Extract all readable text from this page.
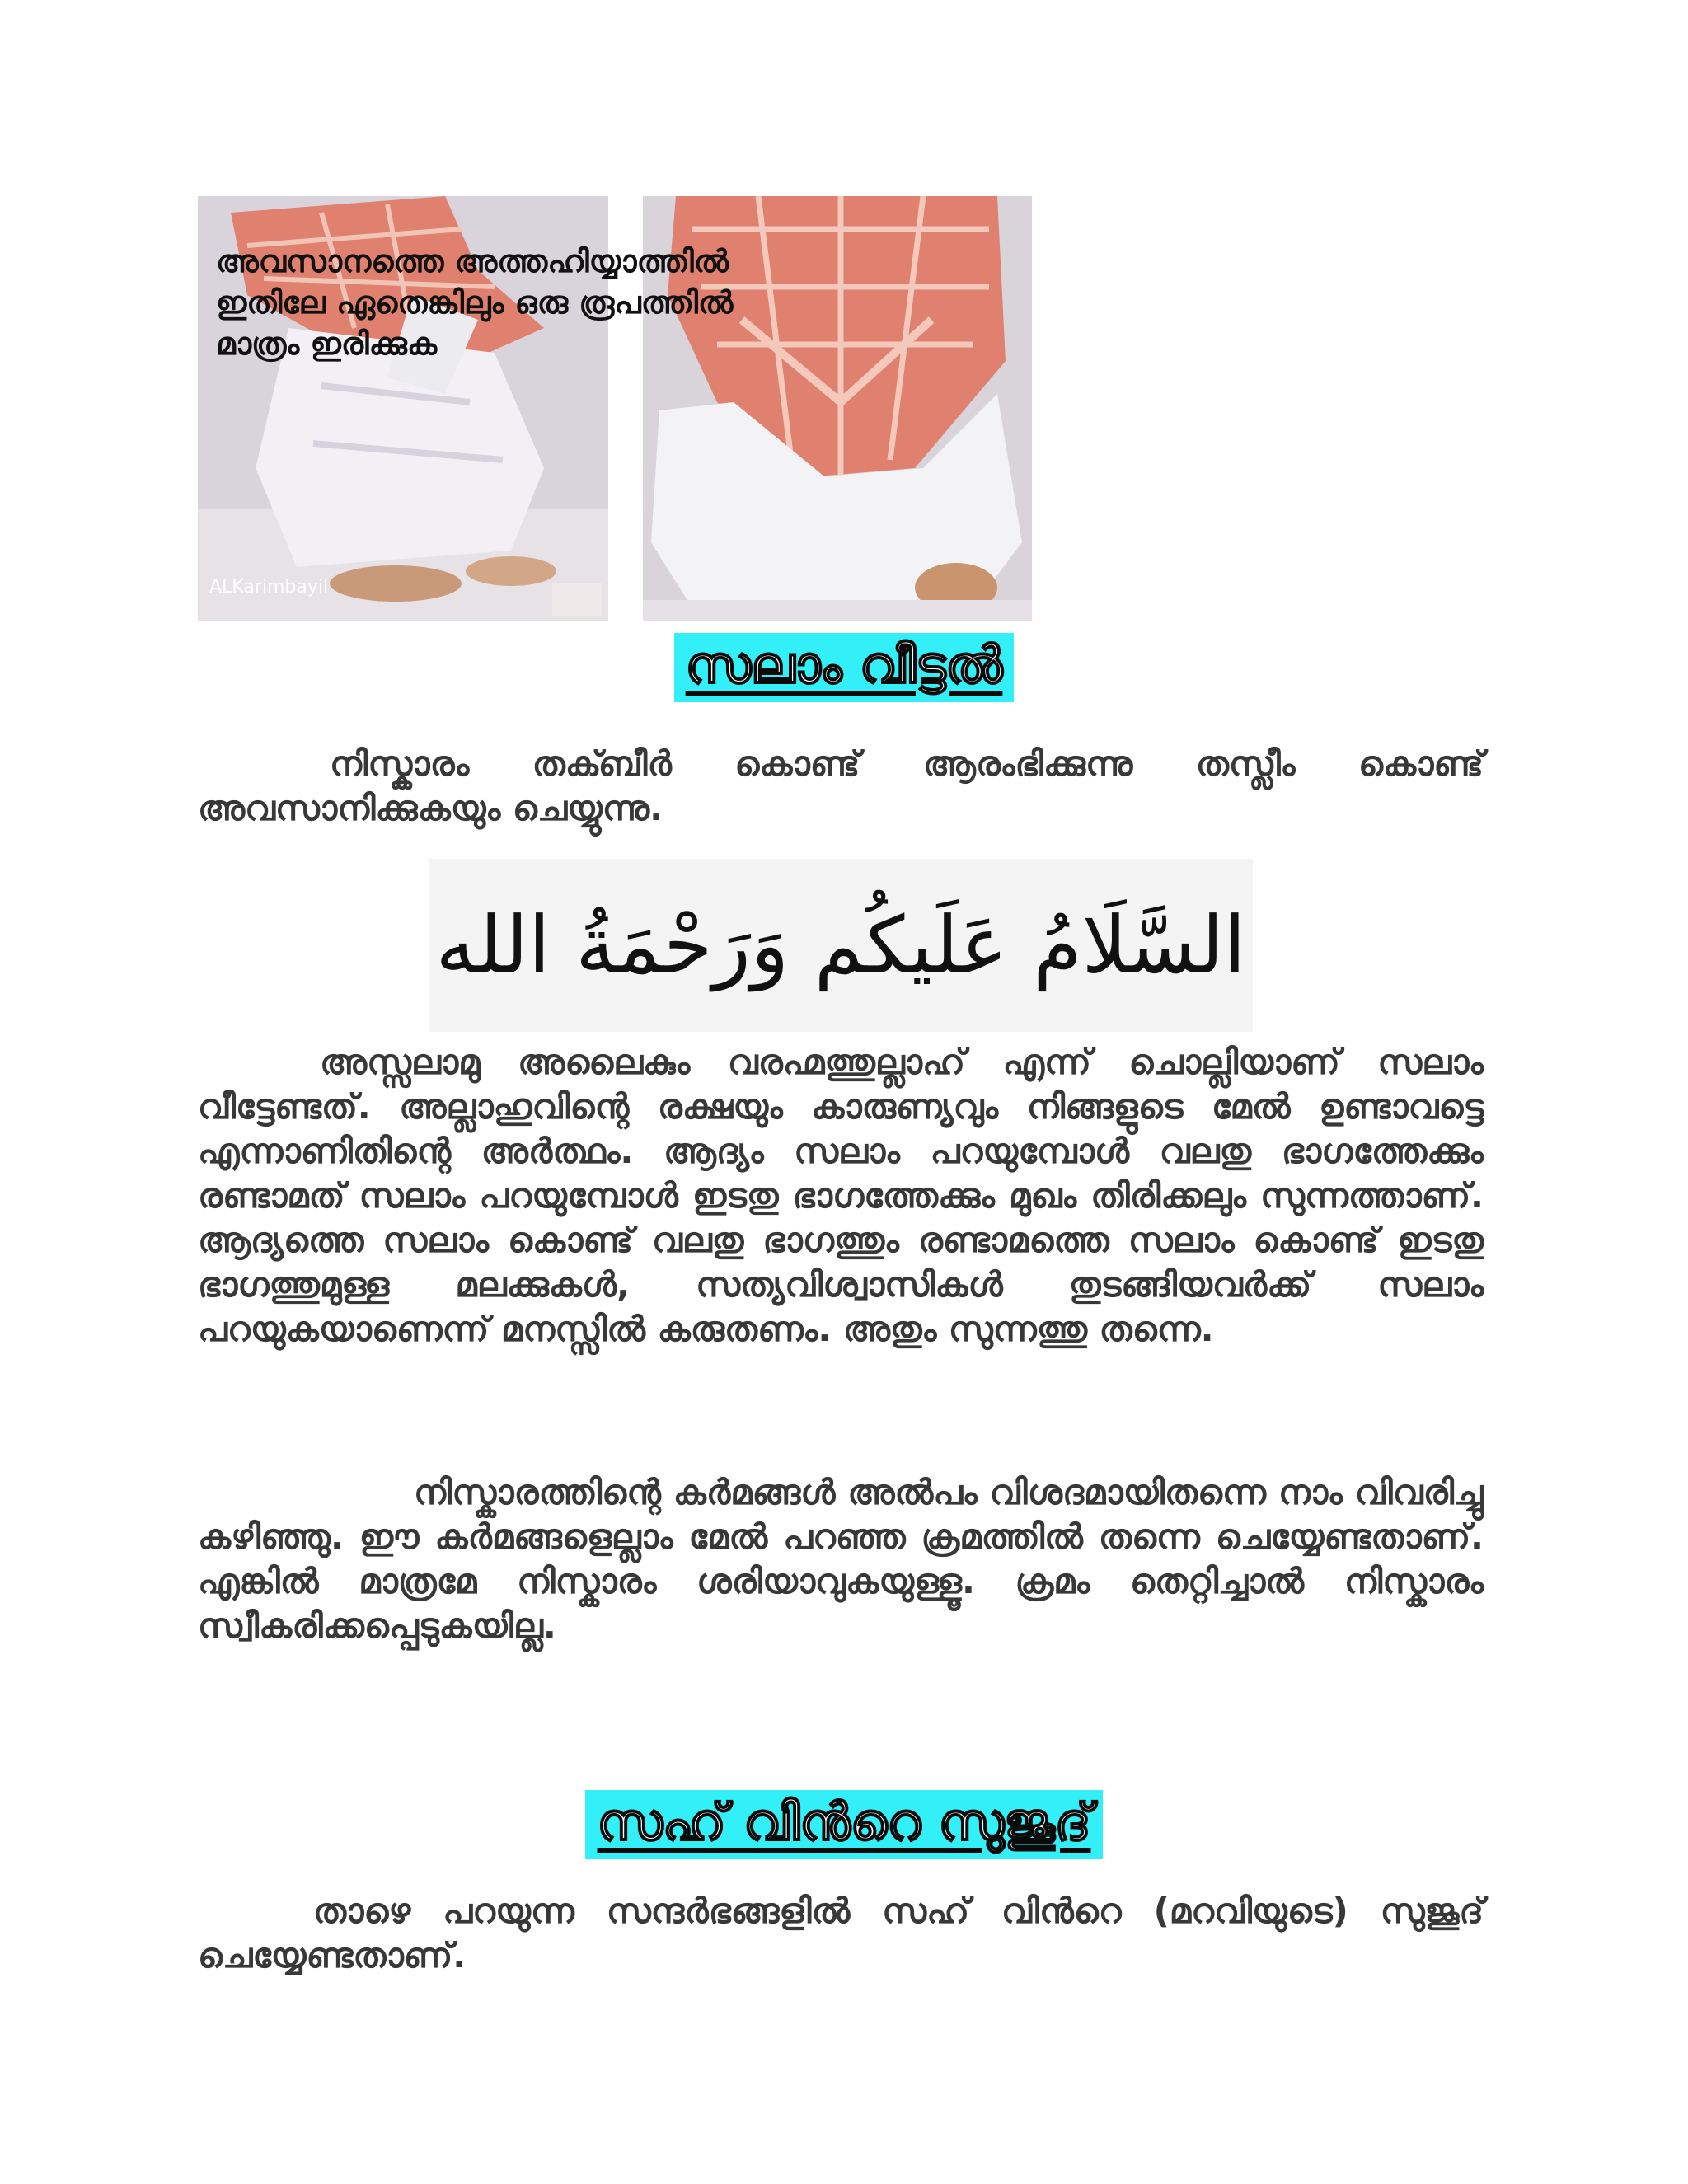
അവസാനത്തെ അത്തഹിയ്യാത്തിൽ
ഇതിലേ ഏതെങ്കിലും ഒരു രൂപത്തിൽ
മാത്രം ഇരിക്കുക
ALKarimbayil
സലാം വീട്ടൽ
നിസ്കാരം തക്ബീർ കൊണ്ട് ആരംഭിക്കുന്നു തസ്ലീം കൊണ്ട് അവസാനിക്കുകയും ചെയ്യുന്നു.
السَّلَامُ عَلَيكُم وَرَحْمَةُ الله
അസ്സലാമു അലൈകും വരഹ്മത്തുല്ലാഹ് എന്ന് ചൊല്ലിയാണ് സലാം വീട്ടേണ്ടത്. അല്ലാഹുവിന്റെ രക്ഷയും കാരുണ്യവും നിങ്ങളുടെ മേൽ ഉണ്ടാവട്ടെ എന്നാണിതിന്റെ അർത്ഥം. ആദ്യം സലാം പറയുമ്പോൾ വലതു ഭാഗത്തേക്കും രണ്ടാമത് സലാം പറയുമ്പോൾ ഇടതു ഭാഗത്തേക്കും മുഖം തിരിക്കലും സുന്നത്താണ്. ആദ്യത്തെ സലാം കൊണ്ട് വലതു ഭാഗത്തും രണ്ടാമത്തെ സലാം കൊണ്ട് ഇടതു ഭാഗത്തുമുള്ള മലക്കുകൾ, സത്യവിശ്വാസികൾ തുടങ്ങിയവർക്ക് സലാം പറയുകയാണെന്ന് മനസ്സിൽ കരുതണം. അതും സുന്നത്തു തന്നെ.
നിസ്കാരത്തിന്റെ കർമങ്ങൾ അൽപം വിശദമായിതന്നെ നാം വിവരിച്ചു കഴിഞ്ഞു. ഈ കർമങ്ങളെല്ലാം മേൽ പറഞ്ഞ ക്രമത്തിൽ തന്നെ ചെയ്യേണ്ടതാണ്. എങ്കിൽ മാത്രമേ നിസ്കാരം ശരിയാവുകയുള്ളൂ. ക്രമം തെറ്റിച്ചാൽ നിസ്കാരം സ്വീകരിക്കപ്പെടുകയില്ല.
സഹ് വിൻറെ സുജൂദ്
താഴെ പറയുന്ന സന്ദർഭങ്ങളിൽ സഹ് വിൻറെ (മറവിയുടെ) സുജൂദ് ചെയ്യേണ്ടതാണ്.
